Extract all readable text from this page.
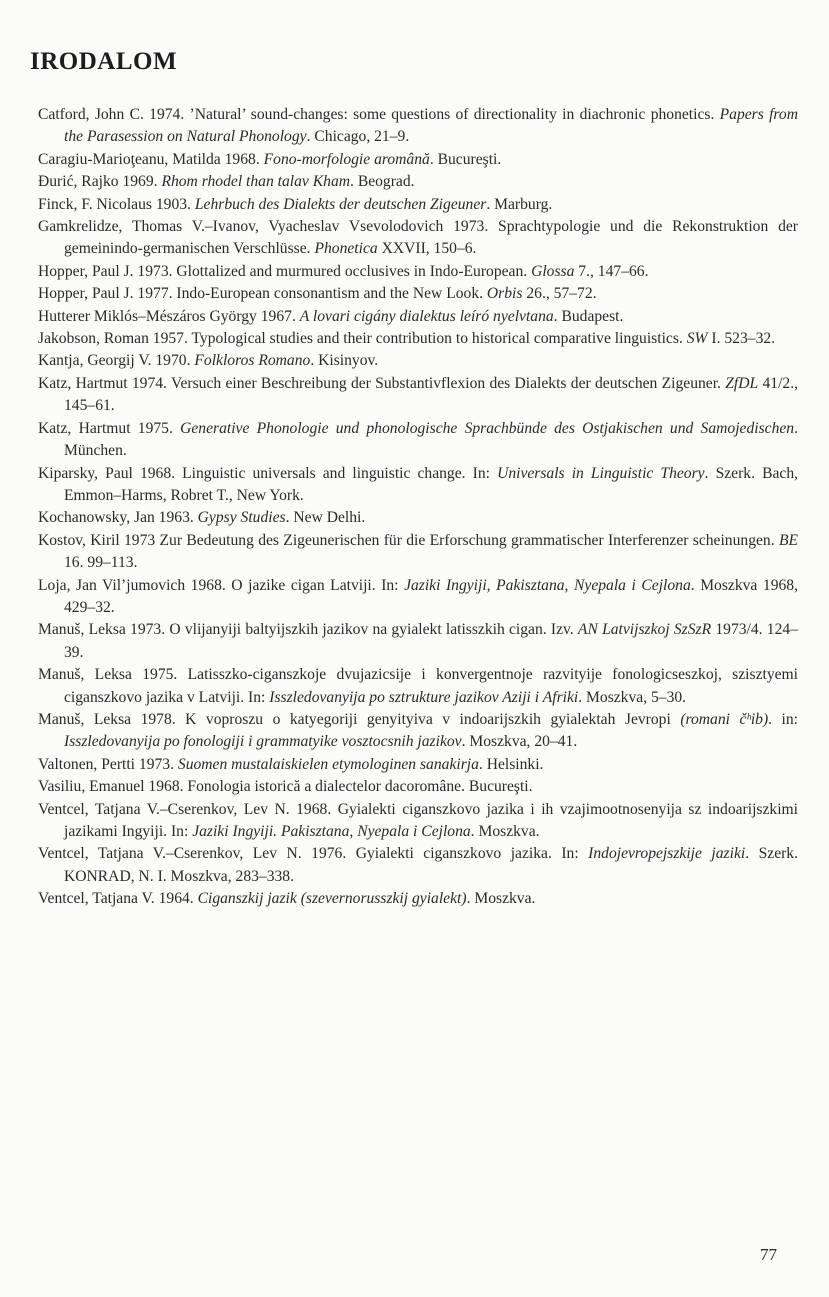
IRODALOM
Catford, John C. 1974. ’Natural’ sound-changes: some questions of directionality in diachronic phonetics. Papers from the Parasession on Natural Phonology. Chicago, 21–9.
Caragiu-Marioţeanu, Matilda 1968. Fono-morfologie aromână. Bucureşti.
Đurić, Rajko 1969. Rhom rhodel than talav Kham. Beograd.
Finck, F. Nicolaus 1903. Lehrbuch des Dialekts der deutschen Zigeuner. Marburg.
Gamkrelidze, Thomas V.–Ivanov, Vyacheslav Vsevolodovich 1973. Sprachtypologie und die Rekonstruktion der gemeinindo-germanischen Verschlüsse. Phonetica XXVII, 150–6.
Hopper, Paul J. 1973. Glottalized and murmured occlusives in Indo-European. Glossa 7., 147–66.
Hopper, Paul J. 1977. Indo-European consonantism and the New Look. Orbis 26., 57–72.
Hutterer Miklós–Mészáros György 1967. A lovari cigány dialektus leíró nyelvtana. Budapest.
Jakobson, Roman 1957. Typological studies and their contribution to historical comparative linguistics. SW I. 523–32.
Kantja, Georgij V. 1970. Folkloros Romano. Kisinyov.
Katz, Hartmut 1974. Versuch einer Beschreibung der Substantivflexion des Dialekts der deutschen Zigeuner. ZfDL 41/2., 145–61.
Katz, Hartmut 1975. Generative Phonologie und phonologische Sprachbünde des Ostjakischen und Samojedischen. München.
Kiparsky, Paul 1968. Linguistic universals and linguistic change. In: Universals in Linguistic Theory. Szerk. Bach, Emmon–Harms, Robret T., New York.
Kochanowsky, Jan 1963. Gypsy Studies. New Delhi.
Kostov, Kiril 1973 Zur Bedeutung des Zigeunerischen für die Erforschung grammatischer Interferenzer scheinungen. BE 16. 99–113.
Loja, Jan Vil’jumovich 1968. O jazike cigan Latviji. In: Jaziki Ingyiji, Pakisztana, Nyepala i Cejlona. Moszkva 1968, 429–32.
Manuš, Leksa 1973. O vlijanyiji baltyijszkih jazikov na gyialekt latisszkih cigan. Izv. AN Latvijszkoj SzSzR 1973/4. 124–39.
Manuš, Leksa 1975. Latisszko-ciganszkoje dvujazicsije i konvergentnoje razvityije fonologicseszkoj, szisztyemi ciganszkovo jazika v Latviji. In: Isszledovanyija po sztrukture jazikov Aziji i Afriki. Moszkva, 5–30.
Manuš, Leksa 1978. K voproszu o katyegoriji genyityiva v indoarijszkih gyialektah Jevropi (romani čʰib). in: Isszledovanyija po fonologiji i grammatyike vosztocsnih jazikov. Moszkva, 20–41.
Valtonen, Pertti 1973. Suomen mustalaiskielen etymologinen sanakirja. Helsinki.
Vasiliu, Emanuel 1968. Fonologia istorică a dialectelor dacoromâne. Bucureşti.
Ventcel, Tatjana V.–Cserenkov, Lev N. 1968. Gyialekti ciganszkovo jazika i ih vzajimootnosenyija sz indoarijszkimi jazikami Ingyiji. In: Jaziki Ingyiji. Pakisztana, Nyepala i Cejlona. Moszkva.
Ventcel, Tatjana V.–Cserenkov, Lev N. 1976. Gyialekti ciganszkovo jazika. In: Indojevropejszkije jaziki. Szerk. KONRAD, N. I. Moszkva, 283–338.
Ventcel, Tatjana V. 1964. Ciganszkij jazik (szevernorusszkij gyialekt). Moszkva.
77
